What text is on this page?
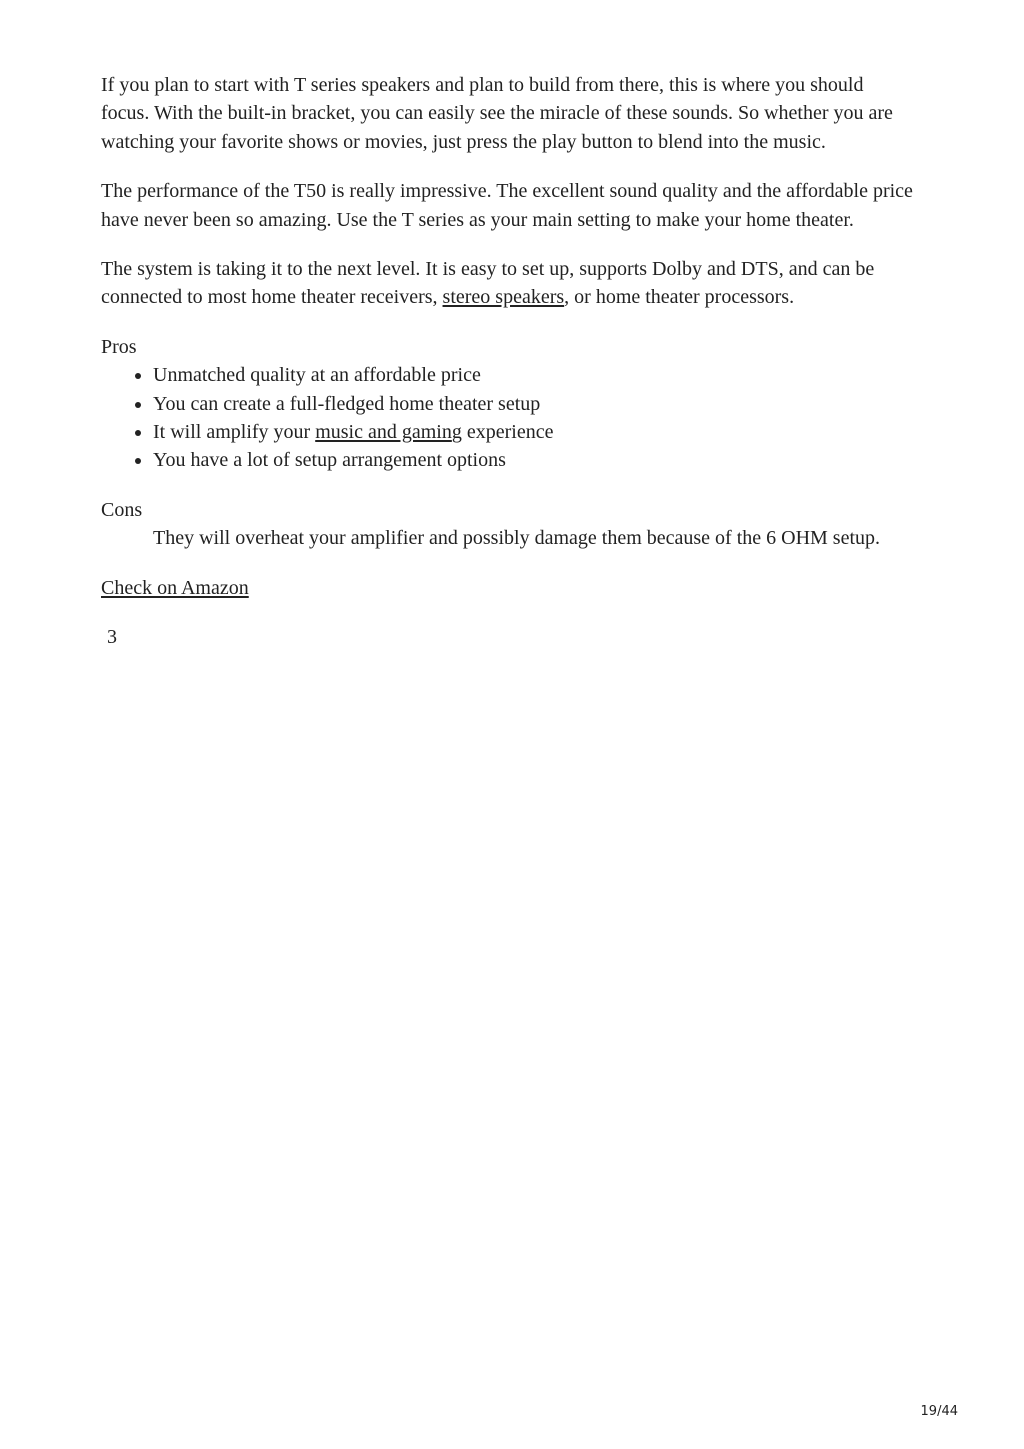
If you plan to start with T series speakers and plan to build from there, this is where you should focus. With the built-in bracket, you can easily see the miracle of these sounds. So whether you are watching your favorite shows or movies, just press the play button to blend into the music.

The performance of the T50 is really impressive. The excellent sound quality and the affordable price have never been so amazing. Use the T series as your main setting to make your home theater.

The system is taking it to the next level. It is easy to set up, supports Dolby and DTS, and can be connected to most home theater receivers, stereo speakers, or home theater processors.

Pros
• Unmatched quality at an affordable price
• You can create a full-fledged home theater setup
• It will amplify your music and gaming experience
• You have a lot of setup arrangement options
Cons

They will overheat your amplifier and possibly damage them because of the 6 OHM setup.

Check on Amazon

3
19/44
